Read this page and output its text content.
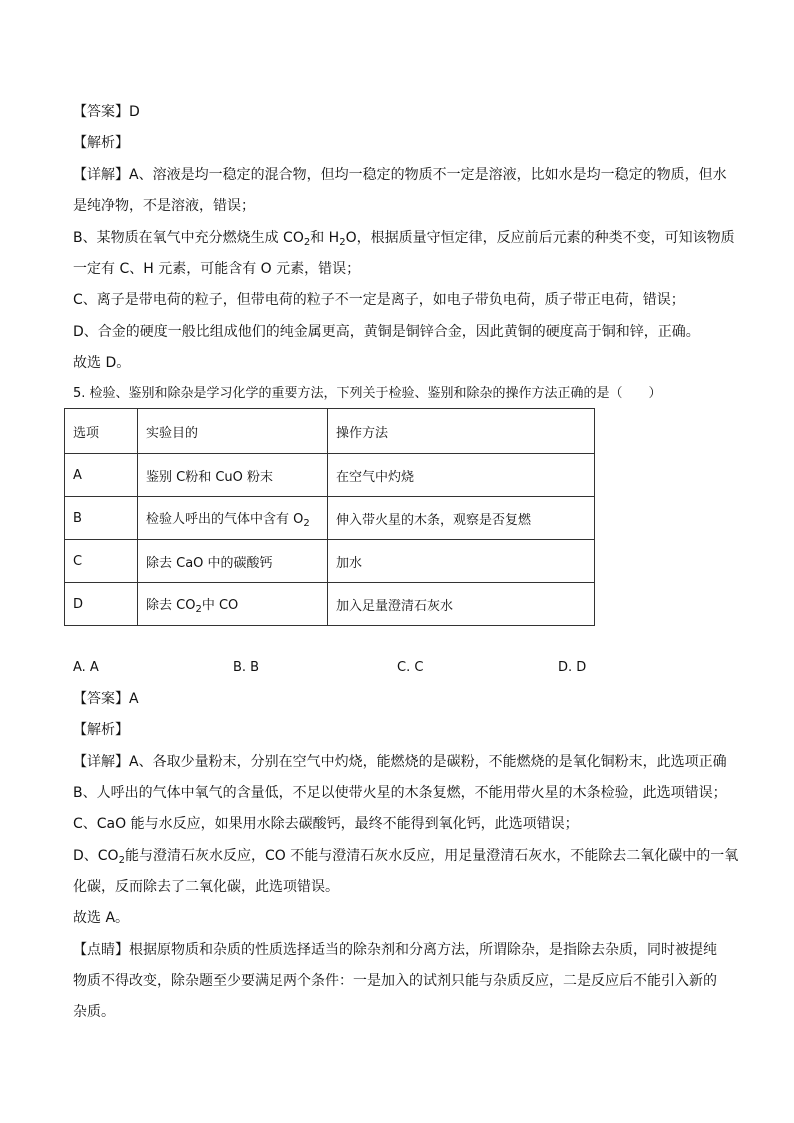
【答案】D
【解析】
【详解】A、溶液是均一稳定的混合物，但均一稳定的物质不一定是溶液，比如水是均一稳定的物质，但水
是纯净物，不是溶液，错误；
B、某物质在氧气中充分燃烧生成 $CO_2$和 $H_2O$，根据质量守恒定律，反应前后元素的种类不变，可知该物质
一定有 C、H 元素，可能含有 O 元素，错误；
C、离子是带电荷的粒子，但带电荷的粒子不一定是离子，如电子带负电荷，质子带正电荷，错误；
D、合金的硬度一般比组成他们的纯金属更高，黄铜是铜锌合金，因此黄铜的硬度高于铜和锌，正确。
故选 D。
5. 检验、鉴别和除杂是学习化学的重要方法，下列关于检验、鉴别和除杂的操作方法正确的是（　　）
选项	实验目的	操作方法
A	鉴别 C粉和 CuO 粉末	在空气中灼烧
B	检验人呼出的气体中含有 $O_2$	伸入带火星的木条，观察是否复燃
C	除去 CaO 中的碳酸钙	加水
D	除去 $CO_2$中 CO	加入足量澄清石灰水
A. A	B. B	C. C	D. D
【答案】A
【解析】
【详解】A、各取少量粉末，分别在空气中灼烧，能燃烧的是碳粉，不能燃烧的是氧化铜粉末，此选项正确
B、人呼出的气体中氧气的含量低，不足以使带火星的木条复燃，不能用带火星的木条检验，此选项错误；
C、CaO 能与水反应，如果用水除去碳酸钙，最终不能得到氧化钙，此选项错误；
D、$CO_2$能与澄清石灰水反应，CO 不能与澄清石灰水反应，用足量澄清石灰水，不能除去二氧化碳中的一氧
化碳，反而除去了二氧化碳，此选项错误。
故选 A。
【点睛】根据原物质和杂质的性质选择适当的除杂剂和分离方法，所谓除杂，是指除去杂质，同时被提纯
物质不得改变，除杂题至少要满足两个条件：一是加入的试剂只能与杂质反应，二是反应后不能引入新的
杂质。
